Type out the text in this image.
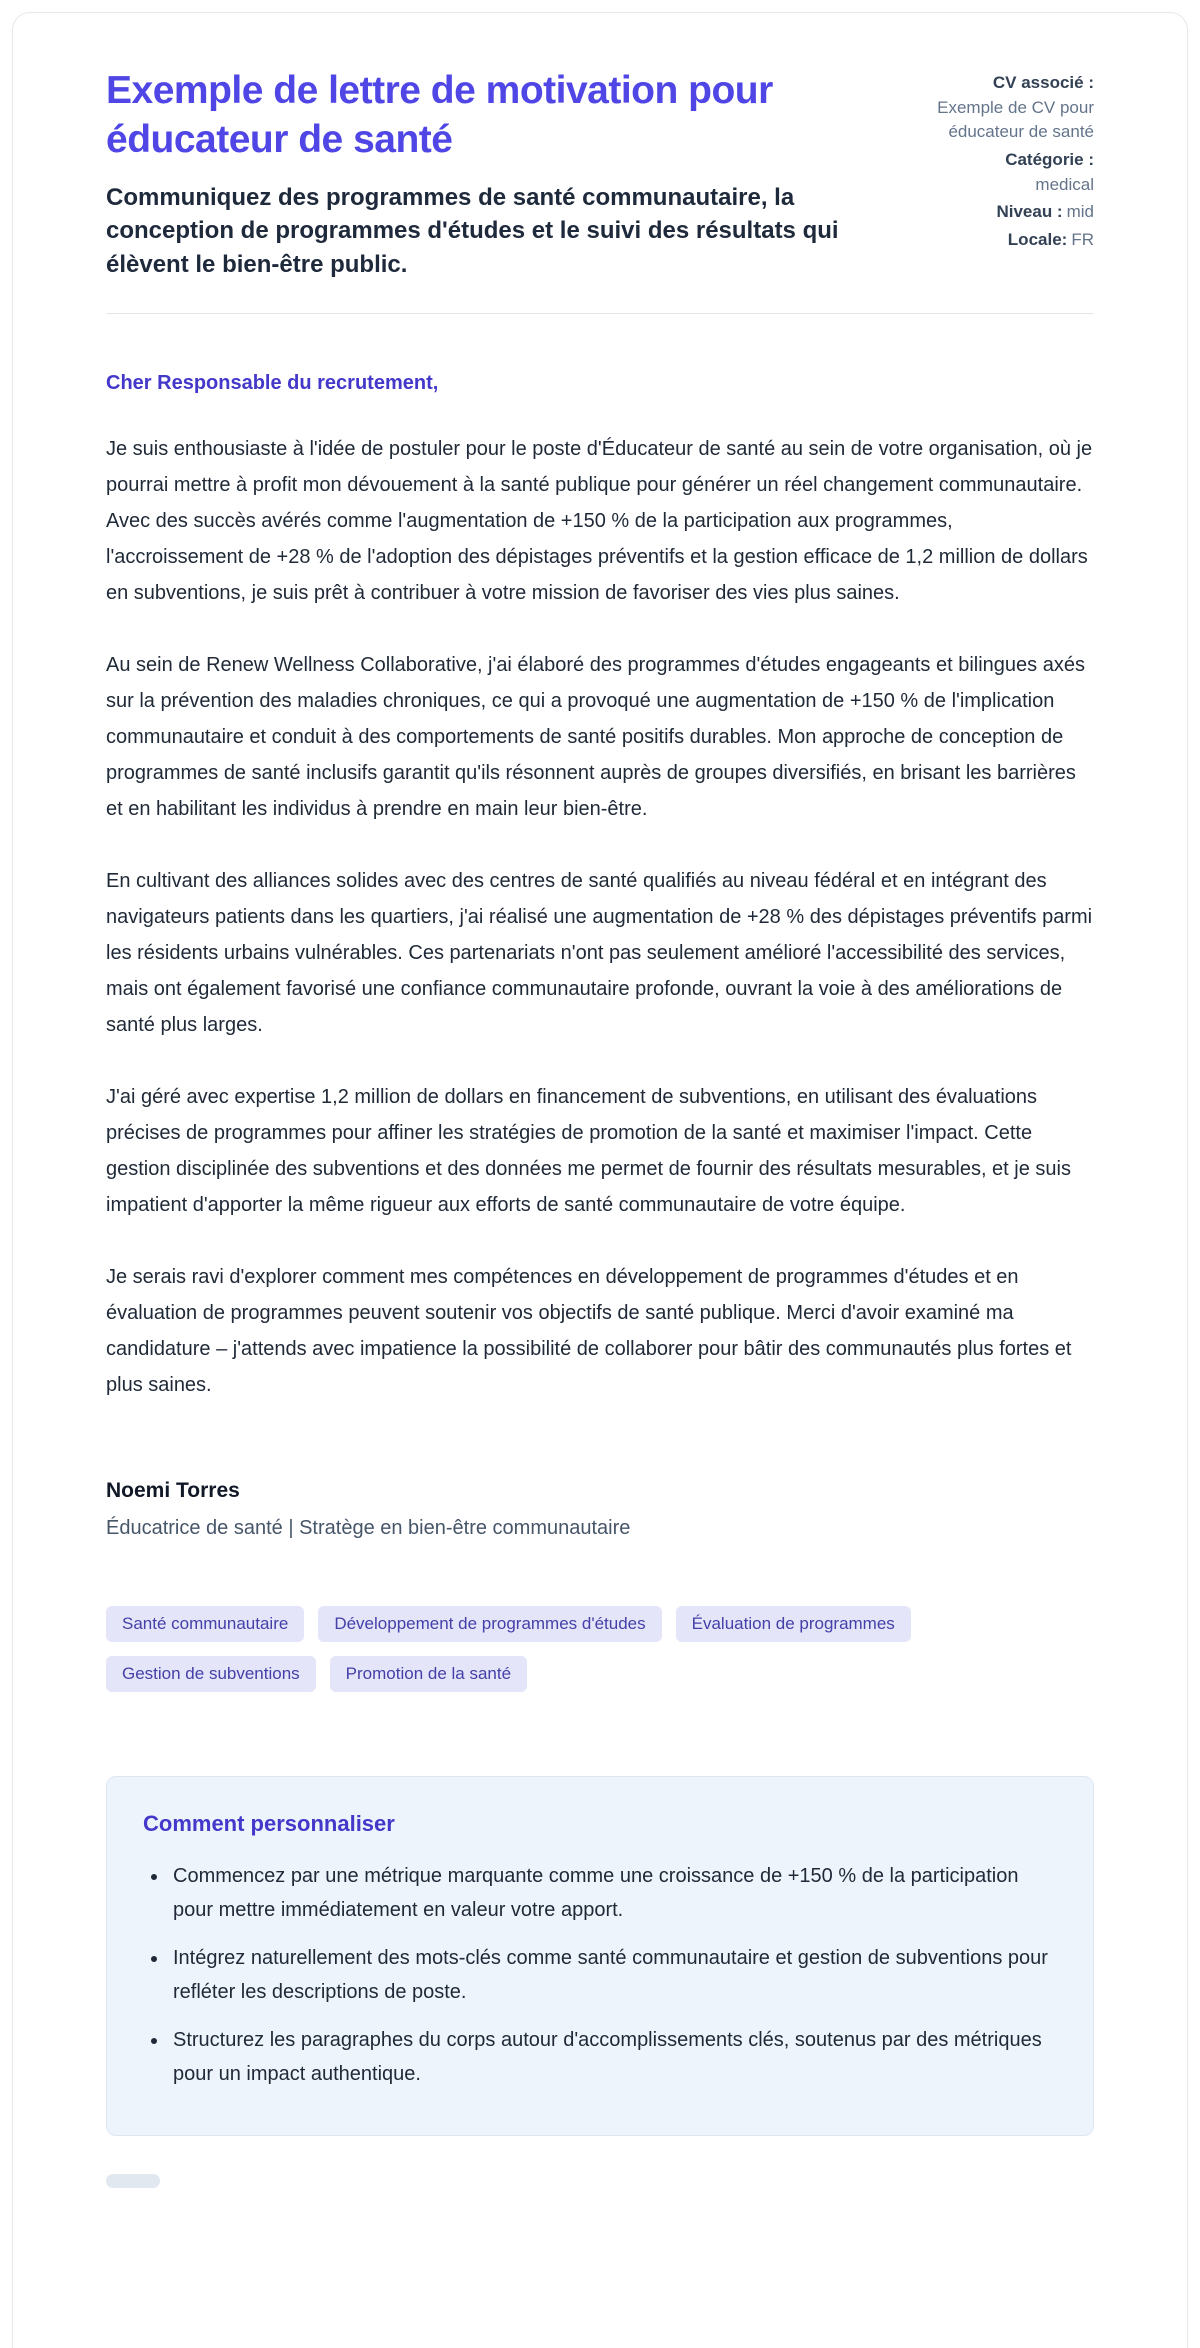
Exemple de lettre de motivation pour éducateur de santé

Communiquez des programmes de santé communautaire, la conception de programmes d'études et le suivi des résultats qui élèvent le bien-être public.

CV associé :
Exemple de CV pour éducateur de santé
Catégorie :
medical
Niveau : mid
Locale: FR

Cher Responsable du recrutement,

Je suis enthousiaste à l'idée de postuler pour le poste d'Éducateur de santé au sein de votre organisation, où je pourrai mettre à profit mon dévouement à la santé publique pour générer un réel changement communautaire. Avec des succès avérés comme l'augmentation de +150 % de la participation aux programmes, l'accroissement de +28 % de l'adoption des dépistages préventifs et la gestion efficace de 1,2 million de dollars en subventions, je suis prêt à contribuer à votre mission de favoriser des vies plus saines.

Au sein de Renew Wellness Collaborative, j'ai élaboré des programmes d'études engageants et bilingues axés sur la prévention des maladies chroniques, ce qui a provoqué une augmentation de +150 % de l'implication communautaire et conduit à des comportements de santé positifs durables. Mon approche de conception de programmes de santé inclusifs garantit qu'ils résonnent auprès de groupes diversifiés, en brisant les barrières et en habilitant les individus à prendre en main leur bien-être.

En cultivant des alliances solides avec des centres de santé qualifiés au niveau fédéral et en intégrant des navigateurs patients dans les quartiers, j'ai réalisé une augmentation de +28 % des dépistages préventifs parmi les résidents urbains vulnérables. Ces partenariats n'ont pas seulement amélioré l'accessibilité des services, mais ont également favorisé une confiance communautaire profonde, ouvrant la voie à des améliorations de santé plus larges.

J'ai géré avec expertise 1,2 million de dollars en financement de subventions, en utilisant des évaluations précises de programmes pour affiner les stratégies de promotion de la santé et maximiser l'impact. Cette gestion disciplinée des subventions et des données me permet de fournir des résultats mesurables, et je suis impatient d'apporter la même rigueur aux efforts de santé communautaire de votre équipe.

Je serais ravi d'explorer comment mes compétences en développement de programmes d'études et en évaluation de programmes peuvent soutenir vos objectifs de santé publique. Merci d'avoir examiné ma candidature – j'attends avec impatience la possibilité de collaborer pour bâtir des communautés plus fortes et plus saines.

Noemi Torres

Éducatrice de santé | Stratège en bien-être communautaire

Santé communautaire	Développement de programmes d'études	Évaluation de programmes
Gestion de subventions	Promotion de la santé
Comment personnaliser
• Commencez par une métrique marquante comme une croissance de +150 % de la participation pour mettre immédiatement en valeur votre apport.
• Intégrez naturellement des mots-clés comme santé communautaire et gestion de subventions pour refléter les descriptions de poste.
• Structurez les paragraphes du corps autour d'accomplissements clés, soutenus par des métriques pour un impact authentique.
